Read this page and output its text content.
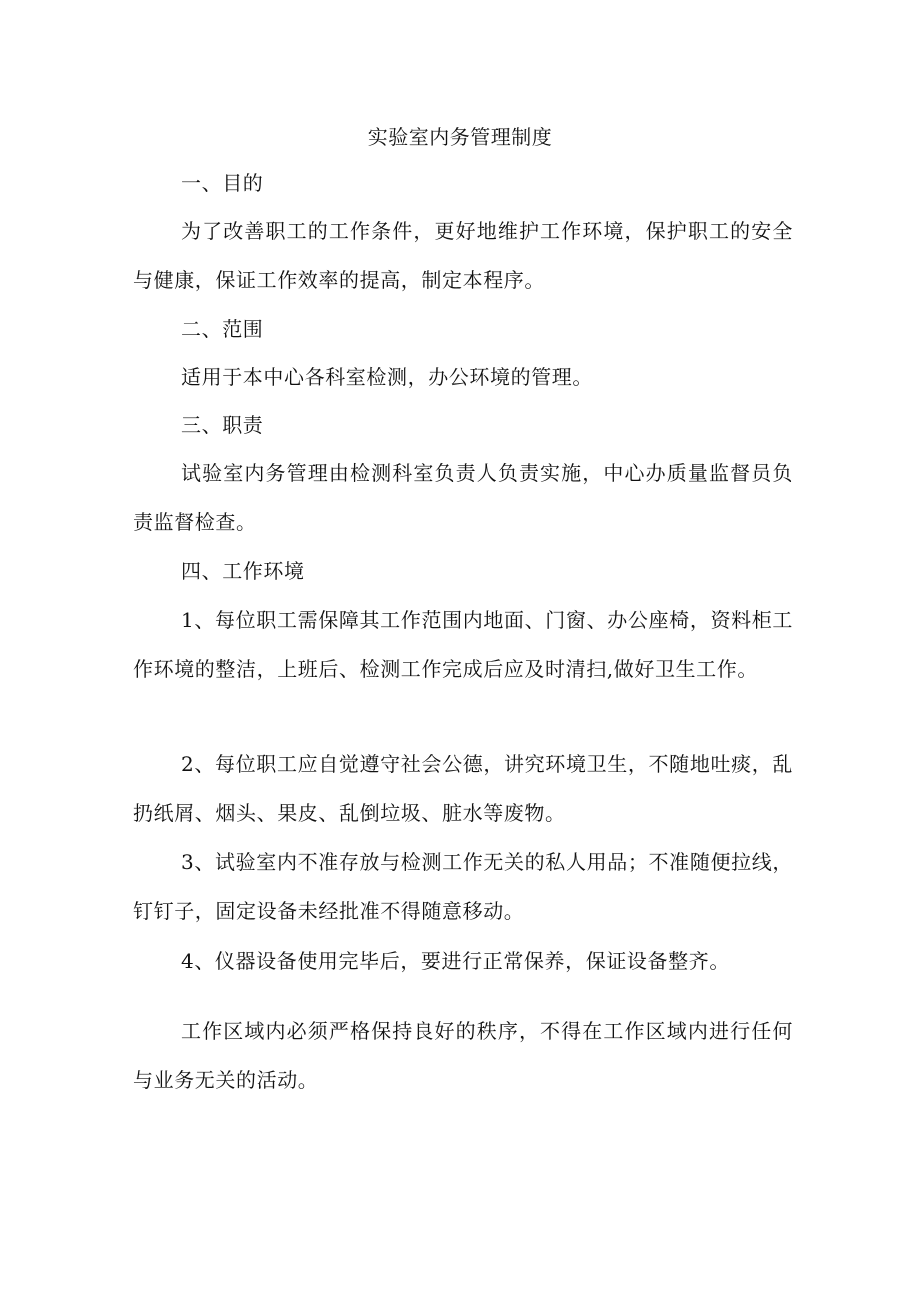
实验室内务管理制度

一、目的

为了改善职工的工作条件，更好地维护工作环境，保护职工的安全与健康，保证工作效率的提高，制定本程序。

二、范围

适用于本中心各科室检测，办公环境的管理。

三、职责

试验室内务管理由检测科室负责人负责实施，中心办质量监督员负责监督检查。

四、工作环境

1、每位职工需保障其工作范围内地面、门窗、办公座椅，资料柜工作环境的整洁，上班后、检测工作完成后应及时清扫,做好卫生工作。

2、每位职工应自觉遵守社会公德，讲究环境卫生，不随地吐痰，乱扔纸屑、烟头、果皮、乱倒垃圾、脏水等废物。

3、试验室内不准存放与检测工作无关的私人用品；不准随便拉线，钉钉子，固定设备未经批准不得随意移动。

4、仪器设备使用完毕后，要进行正常保养，保证设备整齐。

工作区域内必须严格保持良好的秩序，不得在工作区域内进行任何与业务无关的活动。
